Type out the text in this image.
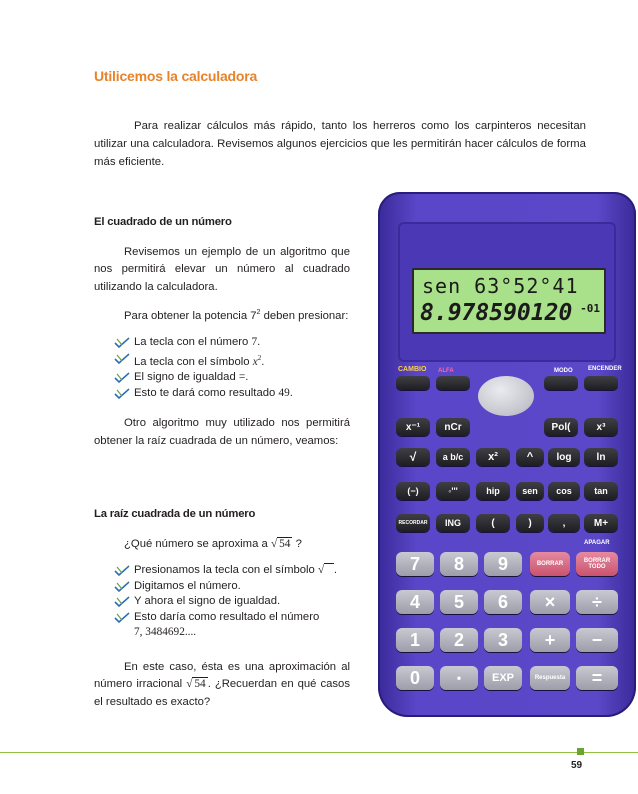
Utilicemos la calculadora
Para realizar cálculos más rápido, tanto los herreros como los carpinteros necesitan utilizar una calculadora. Revisemos algunos ejercicios que les permitirán hacer cálculos de forma más eficiente.
El cuadrado de un número

Revisemos un ejemplo de un algoritmo que nos permitirá elevar un número al cuadrado utilizando la calculadora.

Para obtener la potencia $7^2$ deben presionar:

La tecla con el número 7.
La tecla con el símbolo $x^2$.
El signo de igualdad =.
Esto te dará como resultado 49.

Otro algoritmo muy utilizado nos permitirá obtener la raíz cuadrada de un número, veamos:

La raíz cuadrada de un número

¿Qué número se aproxima a √ 54 ?

Presionamos la tecla con el símbolo √ .
Digitamos el número.
Y ahora el signo de igualdad.
Esto daría como resultado el número
7, 3484692....

En este caso, ésta es una aproximación al número irracional √ 54 . ¿Recuerdan en qué casos el resultado es exacto?

sen 63°52°41
8.978590120 -01
CAMBIO ALFA	MODO	ENCENDER
x⁻¹	nCr	Pol(	x³
√	a b/c	x²	^	log	ln
(−)	◦'''	hip	sen	cos	tan
RECORDAR	ING	(	)	,	M+
APAGAR
7	8	9	BORRAR	BORRAR TODO
4	5	6	×	÷
1	2	3	+	−
0	•	EXP	Respuesta	=
59
